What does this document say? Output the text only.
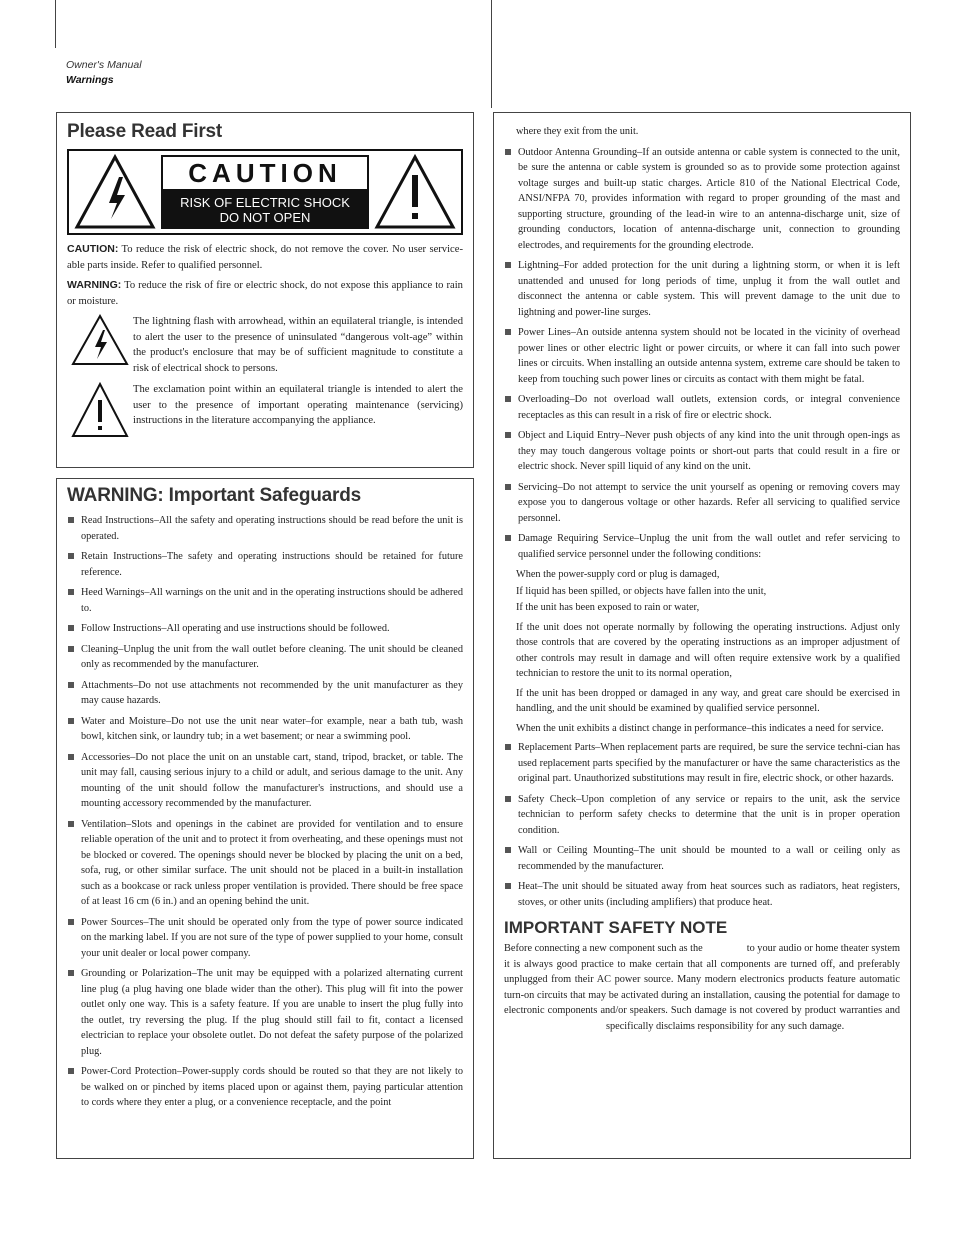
Owner's Manual
Warnings
Please Read First
CAUTION
RISK OF ELECTRIC SHOCK
DO NOT OPEN

CAUTION: To reduce the risk of electric shock, do not remove the cover. No user service-able parts inside. Refer to qualified personnel.

WARNING: To reduce the risk of fire or electric shock, do not expose this appliance to rain or moisture.

The lightning flash with arrowhead, within an equilateral triangle, is intended to alert the user to the presence of uninsulated “dangerous volt-age” within the product's enclosure that may be of sufficient magnitude to constitute a risk of electrical shock to persons.

The exclamation point within an equilateral triangle is intended to alert the user to the presence of important operating maintenance (servicing) instructions in the literature accompanying the appliance.

WARNING: Important Safeguards
Read Instructions–All the safety and operating instructions should be read before the unit is operated.
Retain Instructions–The safety and operating instructions should be retained for future reference.
Heed Warnings–All warnings on the unit and in the operating instructions should be adhered to.
Follow Instructions–All operating and use instructions should be followed.
Cleaning–Unplug the unit from the wall outlet before cleaning. The unit should be cleaned only as recommended by the manufacturer.
Attachments–Do not use attachments not recommended by the unit manufacturer as they may cause hazards.
Water and Moisture–Do not use the unit near water–for example, near a bath tub, wash bowl, kitchen sink, or laundry tub; in a wet basement; or near a swimming pool.
Accessories–Do not place the unit on an unstable cart, stand, tripod, bracket, or table. The unit may fall, causing serious injury to a child or adult, and serious damage to the unit. Any mounting of the unit should follow the manufacturer's instructions, and should use a mounting accessory recommended by the manufacturer.
Ventilation–Slots and openings in the cabinet are provided for ventilation and to ensure reliable operation of the unit and to protect it from overheating, and these openings must not be blocked or covered. The openings should never be blocked by placing the unit on a bed, sofa, rug, or other similar surface. The unit should not be placed in a built-in installation such as a bookcase or rack unless proper ventilation is provided. There should be free space of at least 16 cm (6 in.) and an opening behind the unit.
Power Sources–The unit should be operated only from the type of power source indicated on the marking label. If you are not sure of the type of power supplied to your home, consult your unit dealer or local power company.
Grounding or Polarization–The unit may be equipped with a polarized alternating current line plug (a plug having one blade wider than the other). This plug will fit into the power outlet only one way. This is a safety feature. If you are unable to insert the plug fully into the outlet, try reversing the plug. If the plug should still fail to fit, contact a licensed electrician to replace your obsolete outlet. Do not defeat the safety purpose of the polarized plug.
Power-Cord Protection–Power-supply cords should be routed so that they are not likely to be walked on or pinched by items placed upon or against them, paying particular attention to cords where they enter a plug, or a convenience receptacle, and the point
where they exit from the unit.
Outdoor Antenna Grounding–If an outside antenna or cable system is connected to the unit, be sure the antenna or cable system is grounded so as to provide some protection against voltage surges and built-up static charges. Article 810 of the National Electrical Code, ANSI/NFPA 70, provides information with regard to proper grounding of the mast and supporting structure, grounding of the lead-in wire to an antenna-discharge unit, size of grounding conductors, location of antenna-discharge unit, connection to grounding electrodes, and requirements for the grounding electrode.
Lightning–For added protection for the unit during a lightning storm, or when it is left unattended and unused for long periods of time, unplug it from the wall outlet and disconnect the antenna or cable system. This will prevent damage to the unit due to lightning and power-line surges.
Power Lines–An outside antenna system should not be located in the vicinity of overhead power lines or other electric light or power circuits, or where it can fall into such power lines or circuits. When installing an outside antenna system, extreme care should be taken to keep from touching such power lines or circuits as contact with them might be fatal.
Overloading–Do not overload wall outlets, extension cords, or integral convenience receptacles as this can result in a risk of fire or electric shock.
Object and Liquid Entry–Never push objects of any kind into the unit through open-ings as they may touch dangerous voltage points or short-out parts that could result in a fire or electric shock. Never spill liquid of any kind on the unit.
Servicing–Do not attempt to service the unit yourself as opening or removing covers may expose you to dangerous voltage or other hazards. Refer all servicing to qualified service personnel.
Damage Requiring Service–Unplug the unit from the wall outlet and refer servicing to qualified service personnel under the following conditions:
When the power-supply cord or plug is damaged,
If liquid has been spilled, or objects have fallen into the unit,
If the unit has been exposed to rain or water,
If the unit does not operate normally by following the operating instructions. Adjust only those controls that are covered by the operating instructions as an improper adjustment of other controls may result in damage and will often require extensive work by a qualified technician to restore the unit to its normal operation,
If the unit has been dropped or damaged in any way, and great care should be exercised in handling, and the unit should be examined by qualified service personnel.
When the unit exhibits a distinct change in performance–this indicates a need for service.
Replacement Parts–When replacement parts are required, be sure the service techni-cian has used replacement parts specified by the manufacturer or have the same characteristics as the original part. Unauthorized substitutions may result in fire, electric shock, or other hazards.
Safety Check–Upon completion of any service or repairs to the unit, ask the service technician to perform safety checks to determine that the unit is in proper operation condition.
Wall or Ceiling Mounting–The unit should be mounted to a wall or ceiling only as recommended by the manufacturer.
Heat–The unit should be situated away from heat sources such as radiators, heat registers, stoves, or other units (including amplifiers) that produce heat.
IMPORTANT SAFETY NOTE

Before connecting a new component such as the	to your audio or home theater system it is always good practice to make certain that all components are turned off, and preferably unplugged from their AC power source. Many modern electronics products feature automatic turn-on circuits that may be activated during an installation, causing the potential for damage to electronic components and/or speakers. Such damage is not covered by product warranties andspecifically disclaims responsibility for any such damage.
